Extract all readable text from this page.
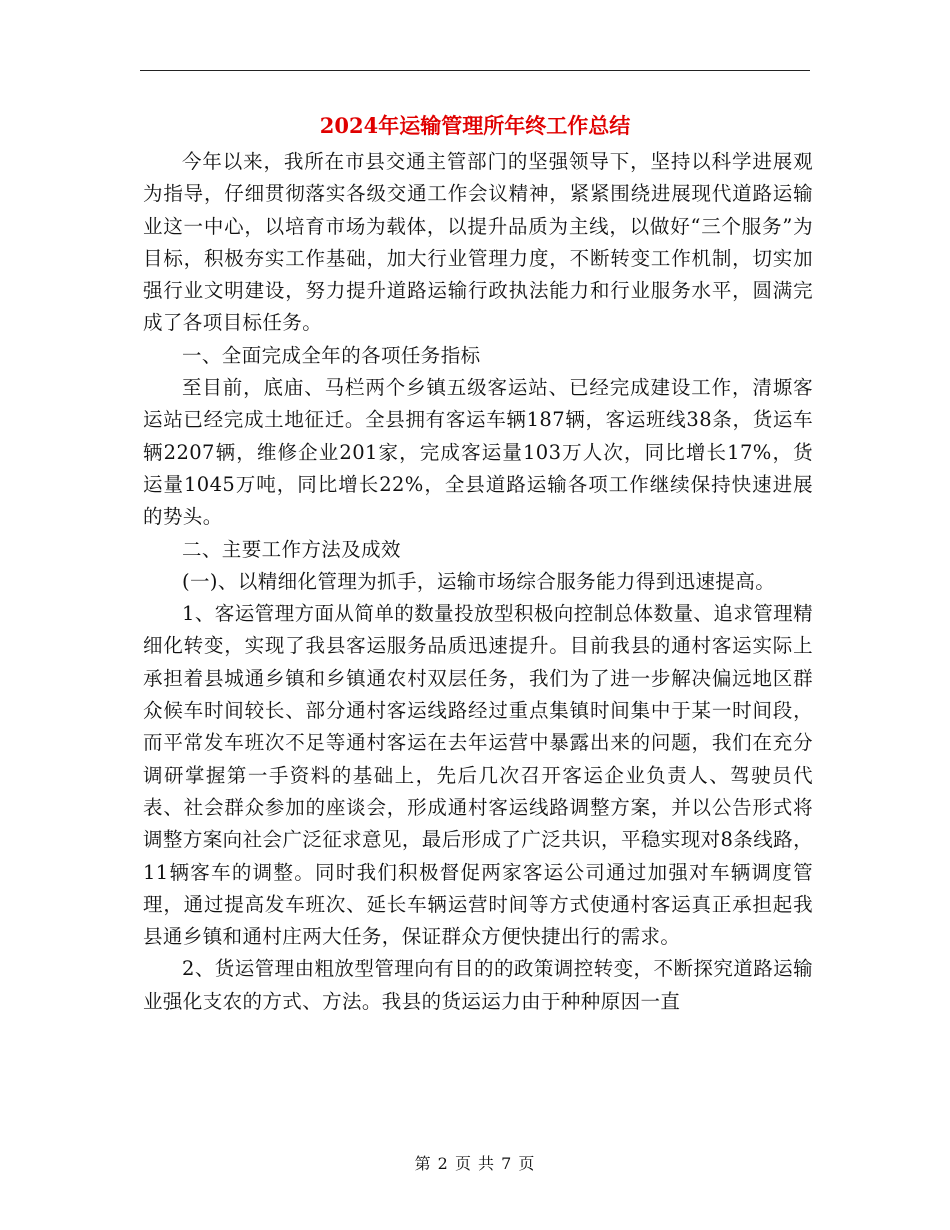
2024年运输管理所年终工作总结

今年以来，我所在市县交通主管部门的坚强领导下，坚持以科学进展观为指导，仔细贯彻落实各级交通工作会议精神，紧紧围绕进展现代道路运输业这一中心，以培育市场为载体，以提升品质为主线，以做好“三个服务”为目标，积极夯实工作基础，加大行业管理力度，不断转变工作机制，切实加强行业文明建设，努力提升道路运输行政执法能力和行业服务水平，圆满完成了各项目标任务。

一、全面完成全年的各项任务指标

至目前，底庙、马栏两个乡镇五级客运站、已经完成建设工作，清塬客运站已经完成土地征迁。全县拥有客运车辆187辆，客运班线38条，货运车辆2207辆，维修企业201家，完成客运量103万人次，同比增长17%，货运量1045万吨，同比增长22%，全县道路运输各项工作继续保持快速进展的势头。

二、主要工作方法及成效

(一)、以精细化管理为抓手，运输市场综合服务能力得到迅速提高。

1、客运管理方面从简单的数量投放型积极向控制总体数量、追求管理精细化转变，实现了我县客运服务品质迅速提升。目前我县的通村客运实际上承担着县城通乡镇和乡镇通农村双层任务，我们为了进一步解决偏远地区群众候车时间较长、部分通村客运线路经过重点集镇时间集中于某一时间段，而平常发车班次不足等通村客运在去年运营中暴露出来的问题，我们在充分调研掌握第一手资料的基础上，先后几次召开客运企业负责人、驾驶员代表、社会群众参加的座谈会，形成通村客运线路调整方案，并以公告形式将调整方案向社会广泛征求意见，最后形成了广泛共识，平稳实现对8条线路，11辆客车的调整。同时我们积极督促两家客运公司通过加强对车辆调度管理，通过提高发车班次、延长车辆运营时间等方式使通村客运真正承担起我县通乡镇和通村庄两大任务，保证群众方便快捷出行的需求。

2、货运管理由粗放型管理向有目的的政策调控转变，不断探究道路运输业强化支农的方式、方法。我县的货运运力由于种种原因一直

第 2 页 共 7 页
